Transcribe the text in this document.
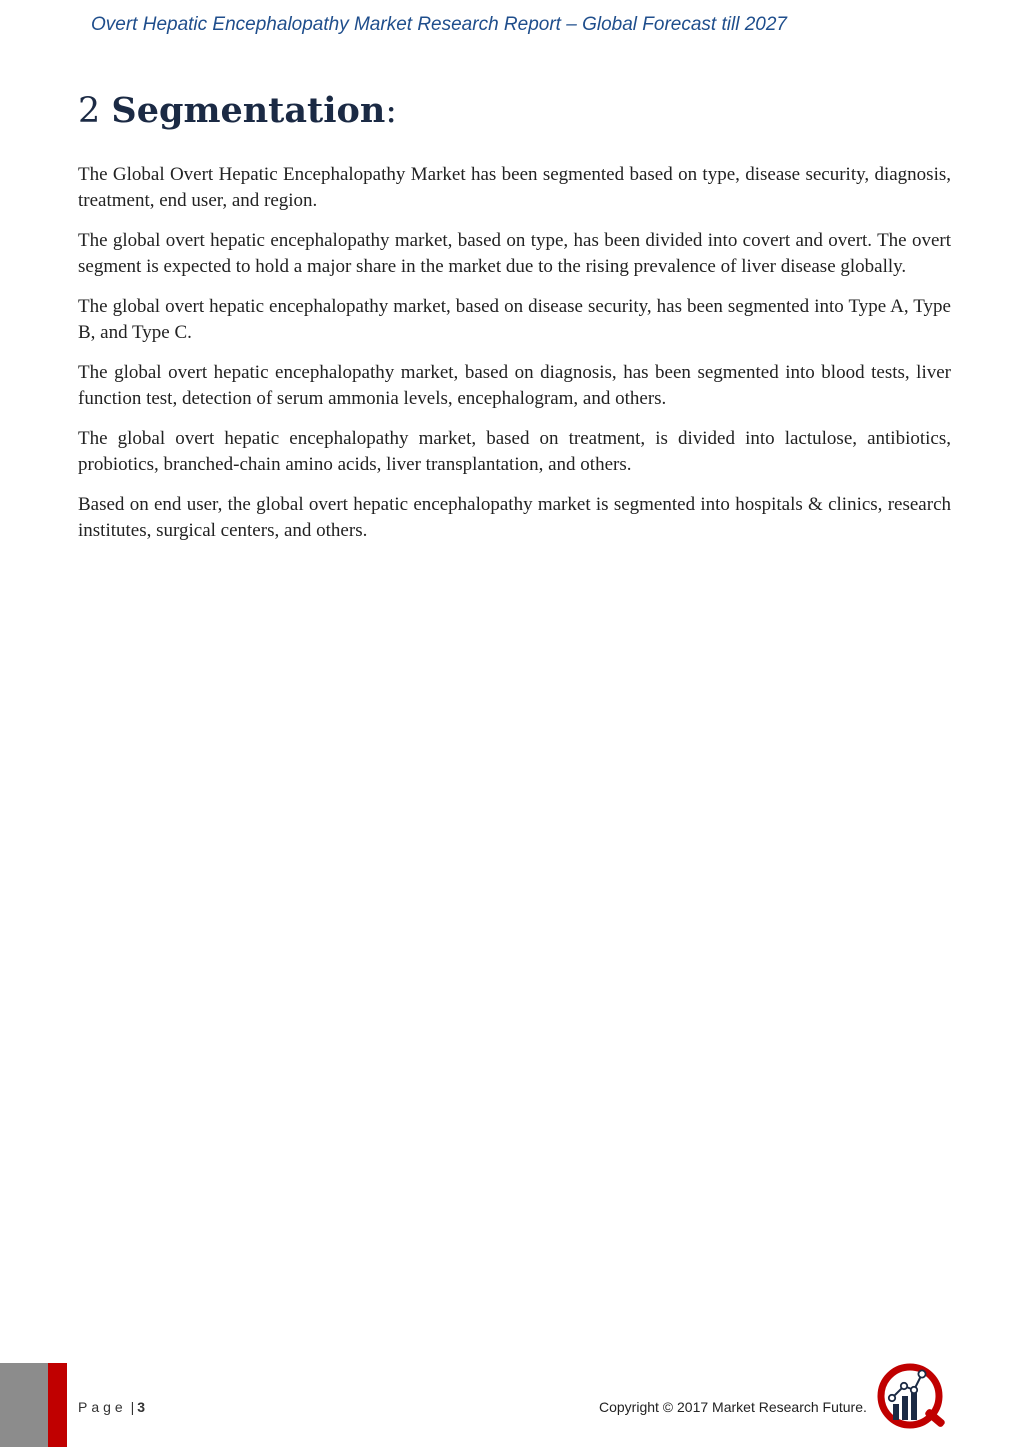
Overt Hepatic Encephalopathy Market Research Report – Global Forecast till 2027
2 Segmentation:

The Global Overt Hepatic Encephalopathy Market has been segmented based on type, disease security, diagnosis, treatment, end user, and region.

The global overt hepatic encephalopathy market, based on type, has been divided into covert and overt. The overt segment is expected to hold a major share in the market due to the rising prevalence of liver disease globally.

The global overt hepatic encephalopathy market, based on disease security, has been segmented into Type A, Type B, and Type C.

The global overt hepatic encephalopathy market, based on diagnosis, has been segmented into blood tests, liver function test, detection of serum ammonia levels, encephalogram, and others.

The global overt hepatic encephalopathy market, based on treatment, is divided into lactulose, antibiotics, probiotics, branched-chain amino acids, liver transplantation, and others.

Based on end user, the global overt hepatic encephalopathy market is segmented into hospitals & clinics, research institutes, surgical centers, and others.

Page | 3	Copyright © 2017 Market Research Future.
